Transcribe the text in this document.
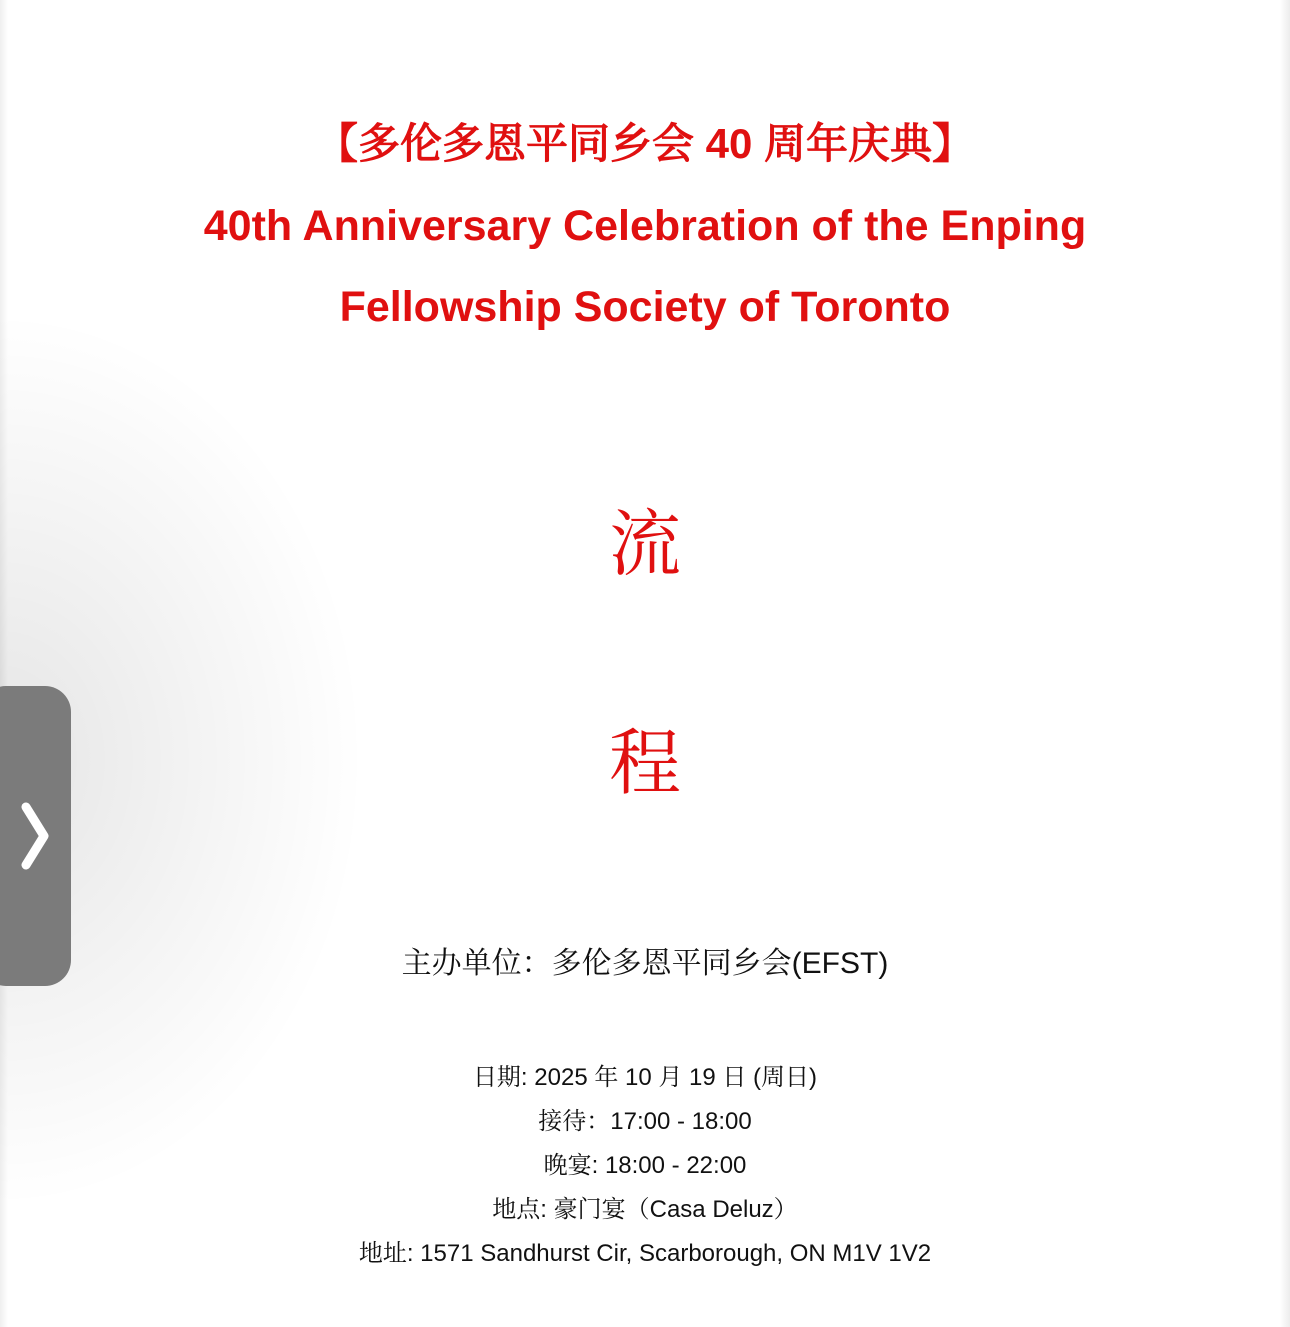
【多伦多恩平同乡会 40 周年庆典】
40th Anniversary Celebration of the Enping
Fellowship Society of Toronto
流
程
主办单位：多伦多恩平同乡会(EFST)
日期: 2025 年 10 月 19 日 (周日)
接待：17:00 - 18:00
晚宴: 18:00 - 22:00
地点: 豪门宴（Casa Deluz）
地址: 1571 Sandhurst Cir, Scarborough, ON M1V 1V2
